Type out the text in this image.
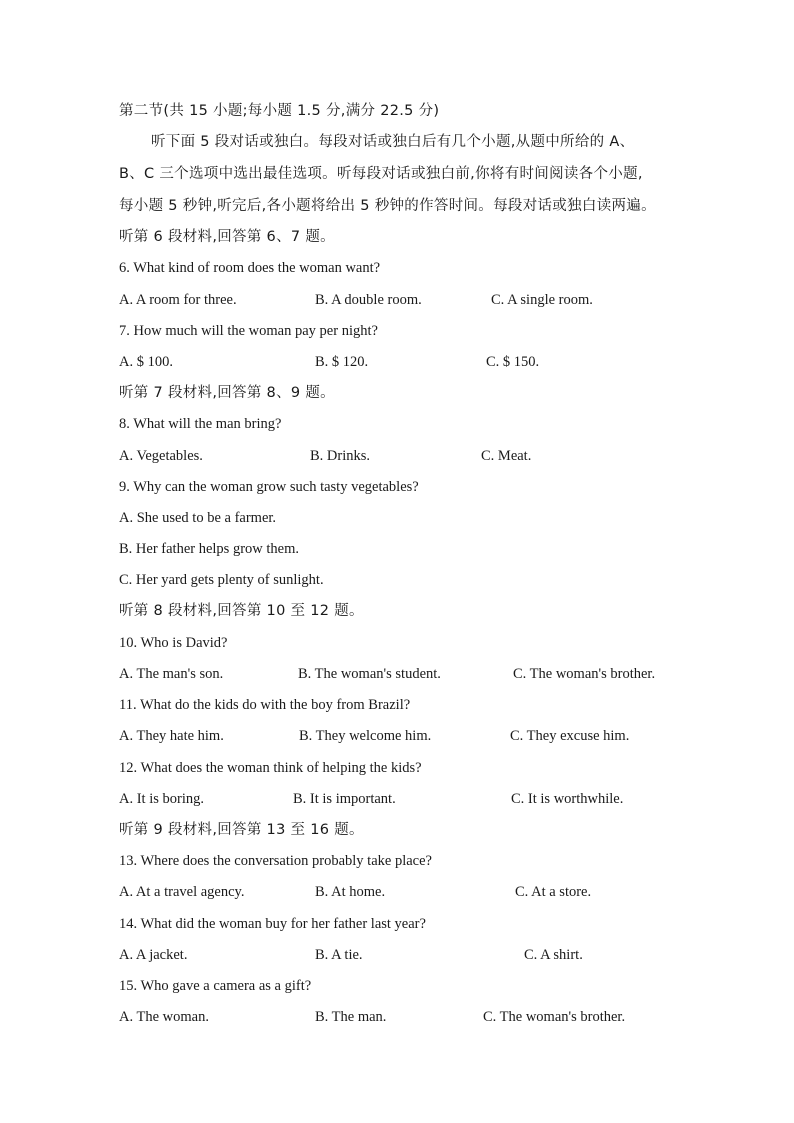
第二节(共 15 小题;每小题 1.5 分,满分 22.5 分)
听下面 5 段对话或独白。每段对话或独白后有几个小题,从题中所给的 A、
B、C 三个选项中选出最佳选项。听每段对话或独白前,你将有时间阅读各个小题,
每小题 5 秒钟,听完后,各小题将给出 5 秒钟的作答时间。每段对话或独白读两遍。
听第 6 段材料,回答第 6、7 题。
6. What kind of room does the woman want?
A. A room for three.	B. A double room.	C. A single room.
7. How much will the woman pay per night?
A. $ 100.	B. $ 120.	C. $ 150.
听第 7 段材料,回答第 8、9 题。
8. What will the man bring?
A. Vegetables.	B. Drinks.	C. Meat.
9. Why can the woman grow such tasty vegetables?
A. She used to be a farmer.
B. Her father helps grow them.
C. Her yard gets plenty of sunlight.
听第 8 段材料,回答第 10 至 12 题。
10. Who is David?
A. The man's son.	B. The woman's student.	C. The woman's brother.
11. What do the kids do with the boy from Brazil?
A. They hate him.	B. They welcome him.	C. They excuse him.
12. What does the woman think of helping the kids?
A. It is boring.	B. It is important.	C. It is worthwhile.
听第 9 段材料,回答第 13 至 16 题。
13. Where does the conversation probably take place?
A. At a travel agency.	B. At home.	C. At a store.
14. What did the woman buy for her father last year?
A. A jacket.	B. A tie.	C. A shirt.
15. Who gave a camera as a gift?
A. The woman.	B. The man.	C. The woman's brother.
